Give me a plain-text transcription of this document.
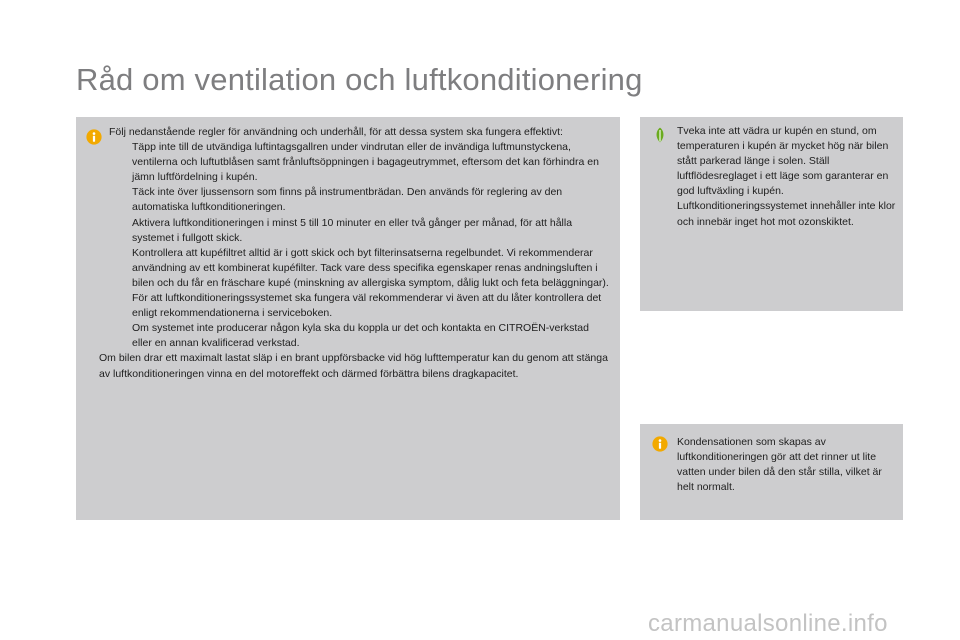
Råd om ventilation och luftkonditionering

Följ nedanstående regler för användning och underhåll, för att dessa system ska fungera effektivt:

Täpp inte till de utvändiga luftintagsgallren under vindrutan eller de invändiga luftmunstyckena, ventilerna och luftutblåsen samt frånluftsöppningen i bagageutrymmet, eftersom det kan förhindra en jämn luftfördelning i kupén.
Täck inte över ljussensorn som finns på instrumentbrädan. Den används för reglering av den automatiska luftkonditioneringen.
Aktivera luftkonditioneringen i minst 5 till 10 minuter en eller två gånger per månad, för att hålla systemet i fullgott skick.
Kontrollera att kupéfiltret alltid är i gott skick och byt filterinsatserna regelbundet. Vi rekommenderar användning av ett kombinerat kupéfilter. Tack vare dess specifika egenskaper renas andningsluften i bilen och du får en fräschare kupé (minskning av allergiska symptom, dålig lukt och feta beläggningar).
För att luftkonditioneringssystemet ska fungera väl rekommenderar vi även att du låter kontrollera det enligt rekommendationerna i serviceboken.
Om systemet inte producerar någon kyla ska du koppla ur det och kontakta en CITROËN-verkstad eller en annan kvalificerad verkstad.

Om bilen drar ett maximalt lastat släp i en brant uppförsbacke vid hög lufttemperatur kan du genom att stänga av luftkonditioneringen vinna en del motoreffekt och därmed förbättra bilens dragkapacitet.

Tveka inte att vädra ur kupén en stund, om temperaturen i kupén är mycket hög när bilen stått parkerad länge i solen. Ställ luftflödesreglaget i ett läge som garanterar en god luftväxling i kupén. Luftkonditioneringssystemet innehåller inte klor och innebär inget hot mot ozonskiktet.
Kondensationen som skapas av luftkonditioneringen gör att det rinner ut lite vatten under bilen då den står stilla, vilket är helt normalt.
carmanualsonline.info
